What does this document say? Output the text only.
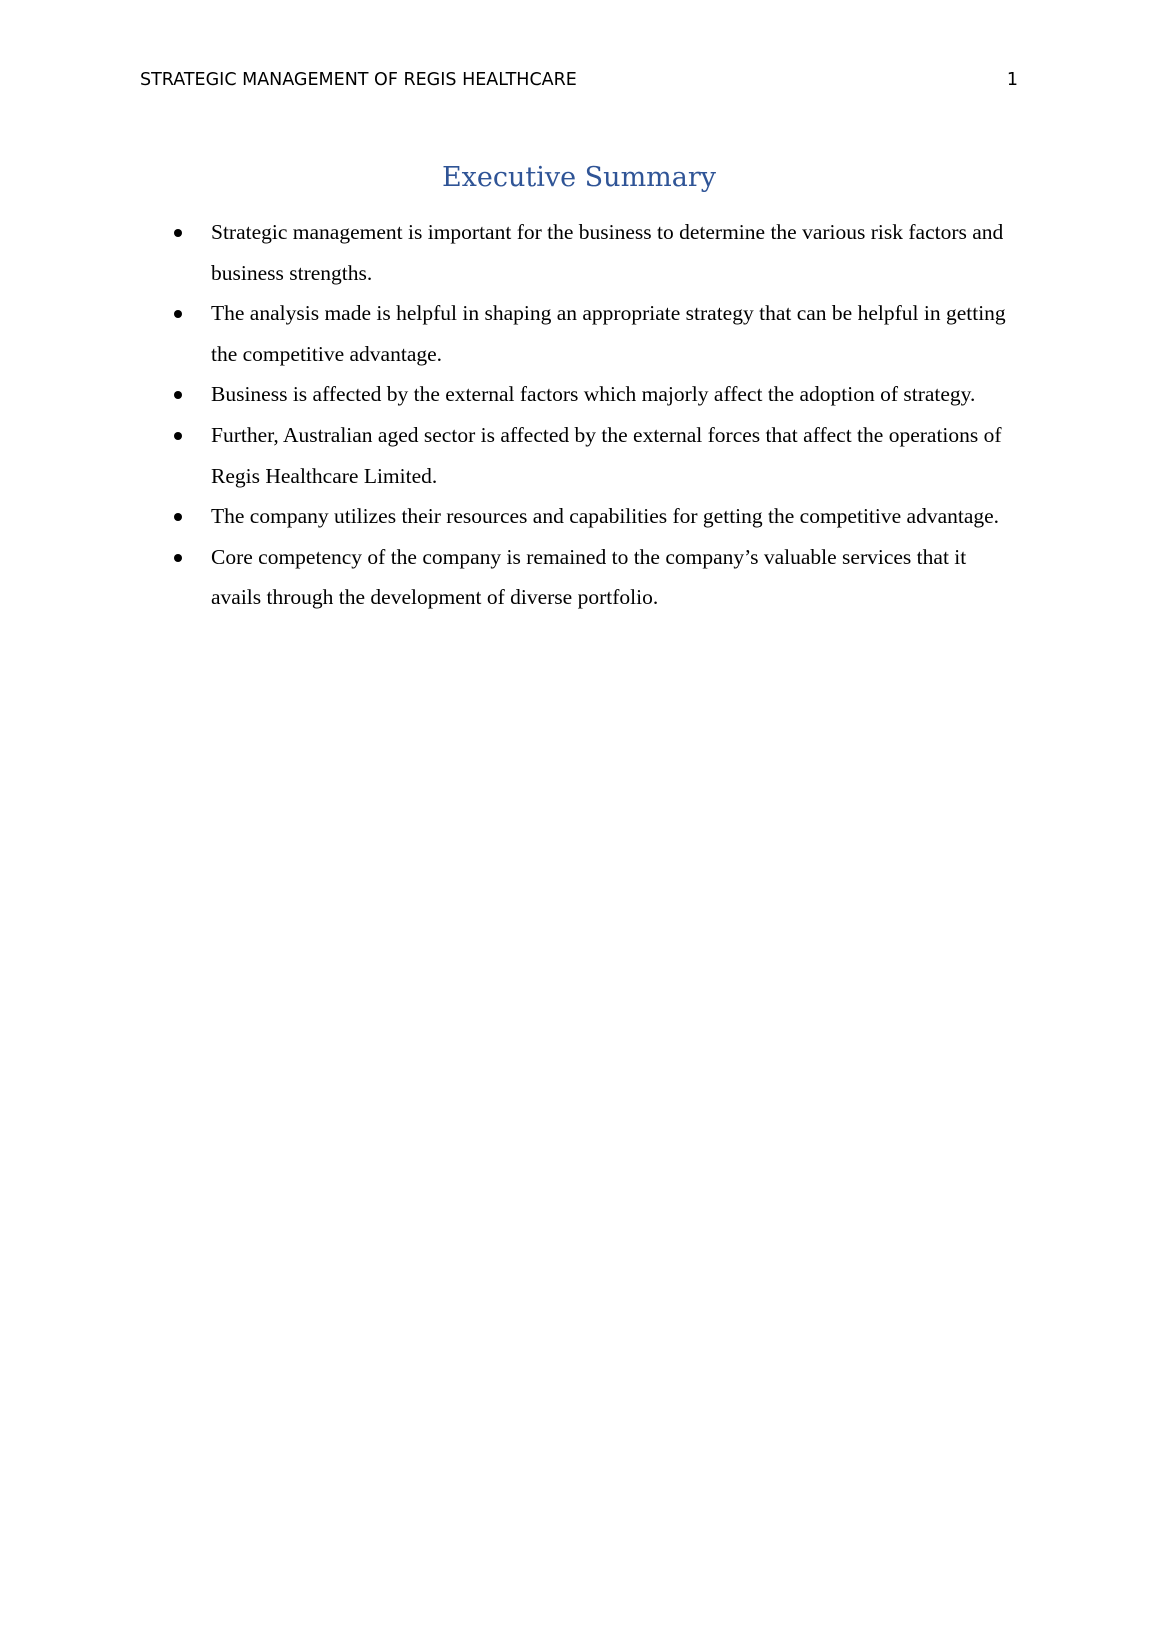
STRATEGIC MANAGEMENT OF REGIS HEALTHCARE	1
Executive Summary
Strategic management is important for the business to determine the various risk factors and business strengths.
The analysis made is helpful in shaping an appropriate strategy that can be helpful in getting the competitive advantage.
Business is affected by the external factors which majorly affect the adoption of strategy.
Further, Australian aged sector is affected by the external forces that affect the operations of Regis Healthcare Limited.
The company utilizes their resources and capabilities for getting the competitive advantage.
Core competency of the company is remained to the company’s valuable services that it avails through the development of diverse portfolio.
